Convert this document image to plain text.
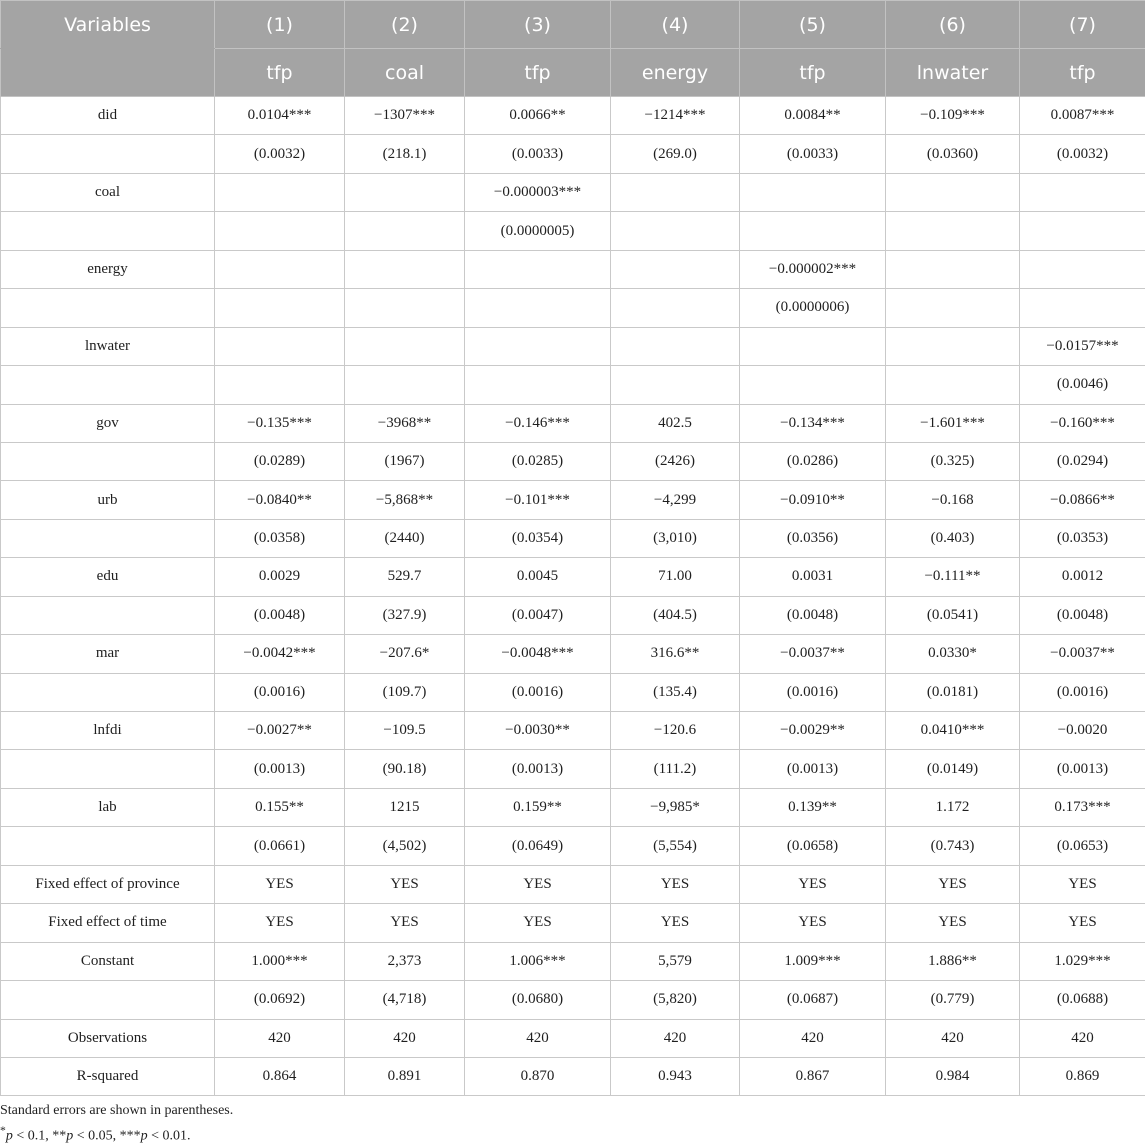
Variables	(1)	(2)	(3)	(4)	(5)	(6)	(7)
	tfp	coal	tfp	energy	tfp	lnwater	tfp
did	0.0104***	−1307***	0.0066**	−1214***	0.0084**	−0.109***	0.0087***
	(0.0032)	(218.1)	(0.0033)	(269.0)	(0.0033)	(0.0360)	(0.0032)
coal			−0.000003***				
			(0.0000005)				
energy					−0.000002***		
					(0.0000006)		
lnwater							−0.0157***
							(0.0046)
gov	−0.135***	−3968**	−0.146***	402.5	−0.134***	−1.601***	−0.160***
	(0.0289)	(1967)	(0.0285)	(2426)	(0.0286)	(0.325)	(0.0294)
urb	−0.0840**	−5,868**	−0.101***	−4,299	−0.0910**	−0.168	−0.0866**
	(0.0358)	(2440)	(0.0354)	(3,010)	(0.0356)	(0.403)	(0.0353)
edu	0.0029	529.7	0.0045	71.00	0.0031	−0.111**	0.0012
	(0.0048)	(327.9)	(0.0047)	(404.5)	(0.0048)	(0.0541)	(0.0048)
mar	−0.0042***	−207.6*	−0.0048***	316.6**	−0.0037**	0.0330*	−0.0037**
	(0.0016)	(109.7)	(0.0016)	(135.4)	(0.0016)	(0.0181)	(0.0016)
lnfdi	−0.0027**	−109.5	−0.0030**	−120.6	−0.0029**	0.0410***	−0.0020
	(0.0013)	(90.18)	(0.0013)	(111.2)	(0.0013)	(0.0149)	(0.0013)
lab	0.155**	1215	0.159**	−9,985*	0.139**	1.172	0.173***
	(0.0661)	(4,502)	(0.0649)	(5,554)	(0.0658)	(0.743)	(0.0653)
Fixed effect of province	YES	YES	YES	YES	YES	YES	YES
Fixed effect of time	YES	YES	YES	YES	YES	YES	YES
Constant	1.000***	2,373	1.006***	5,579	1.009***	1.886**	1.029***
	(0.0692)	(4,718)	(0.0680)	(5,820)	(0.0687)	(0.779)	(0.0688)
Observations	420	420	420	420	420	420	420
R-squared	0.864	0.891	0.870	0.943	0.867	0.984	0.869
Standard errors are shown in parentheses.
*p < 0.1, **p < 0.05, ***p < 0.01.
